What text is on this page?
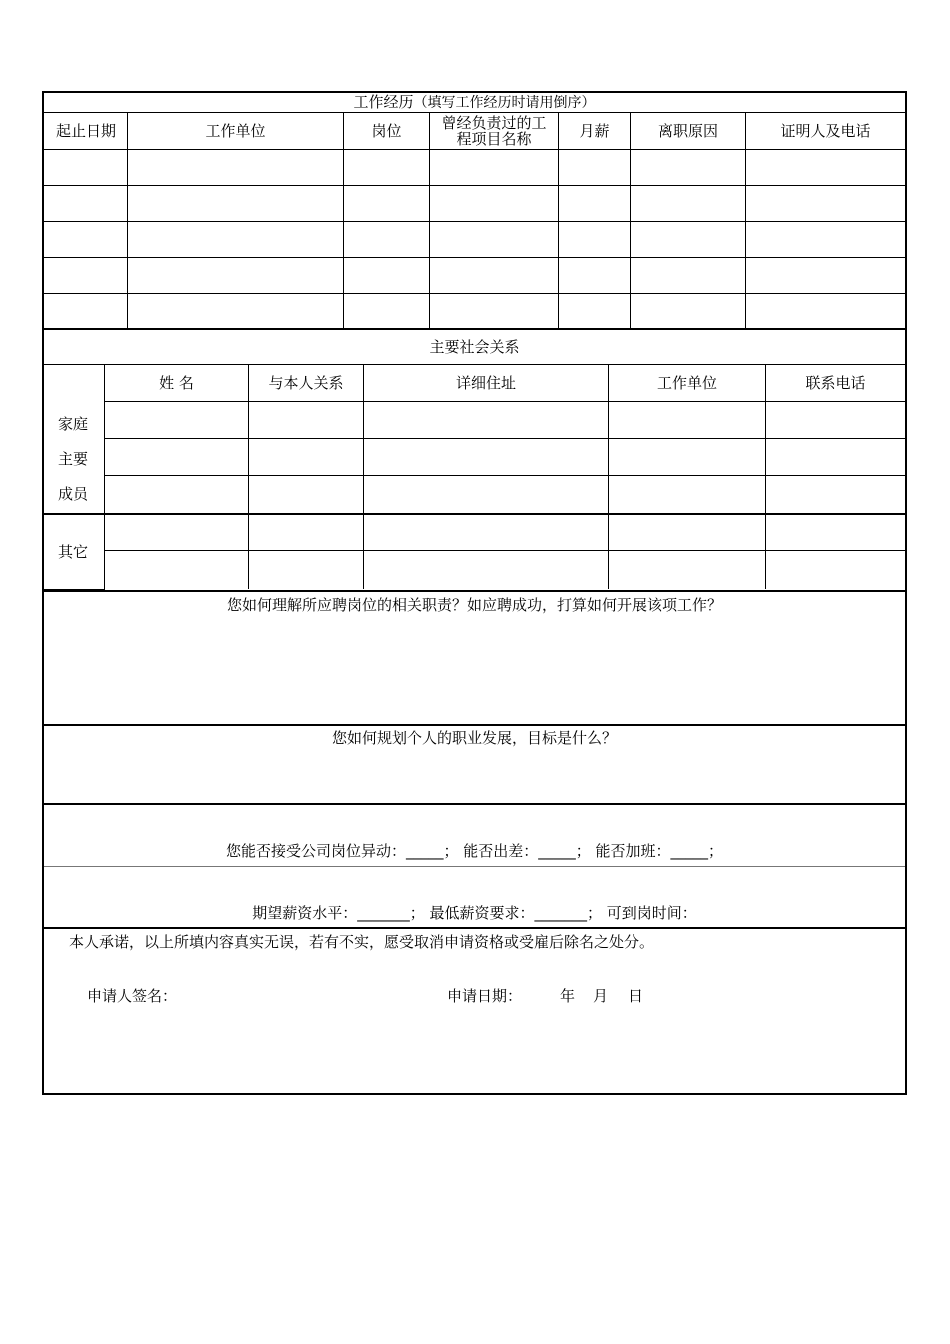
工作经历（填写工作经历时请用倒序）
起止日期	工作单位	岗位	曾经负责过的工程项目名称	月薪	离职原因	证明人及电话
主要社会关系
姓 名	与本人关系	详细住址	工作单位	联系电话
家庭
主要
成员
其它
您如何理解所应聘岗位的相关职责？如应聘成功，打算如何开展该项工作？
您如何规划个人的职业发展，目标是什么？
您能否接受公司岗位异动：_____； 能否出差：_____； 能否加班：_____；
期望薪资水平：_______； 最低薪资要求：_______； 可到岗时间：
本人承诺，以上所填内容真实无误，若有不实，愿受取消申请资格或受雇后除名之处分。
申请人签名：	申请日期：	年 月 日
